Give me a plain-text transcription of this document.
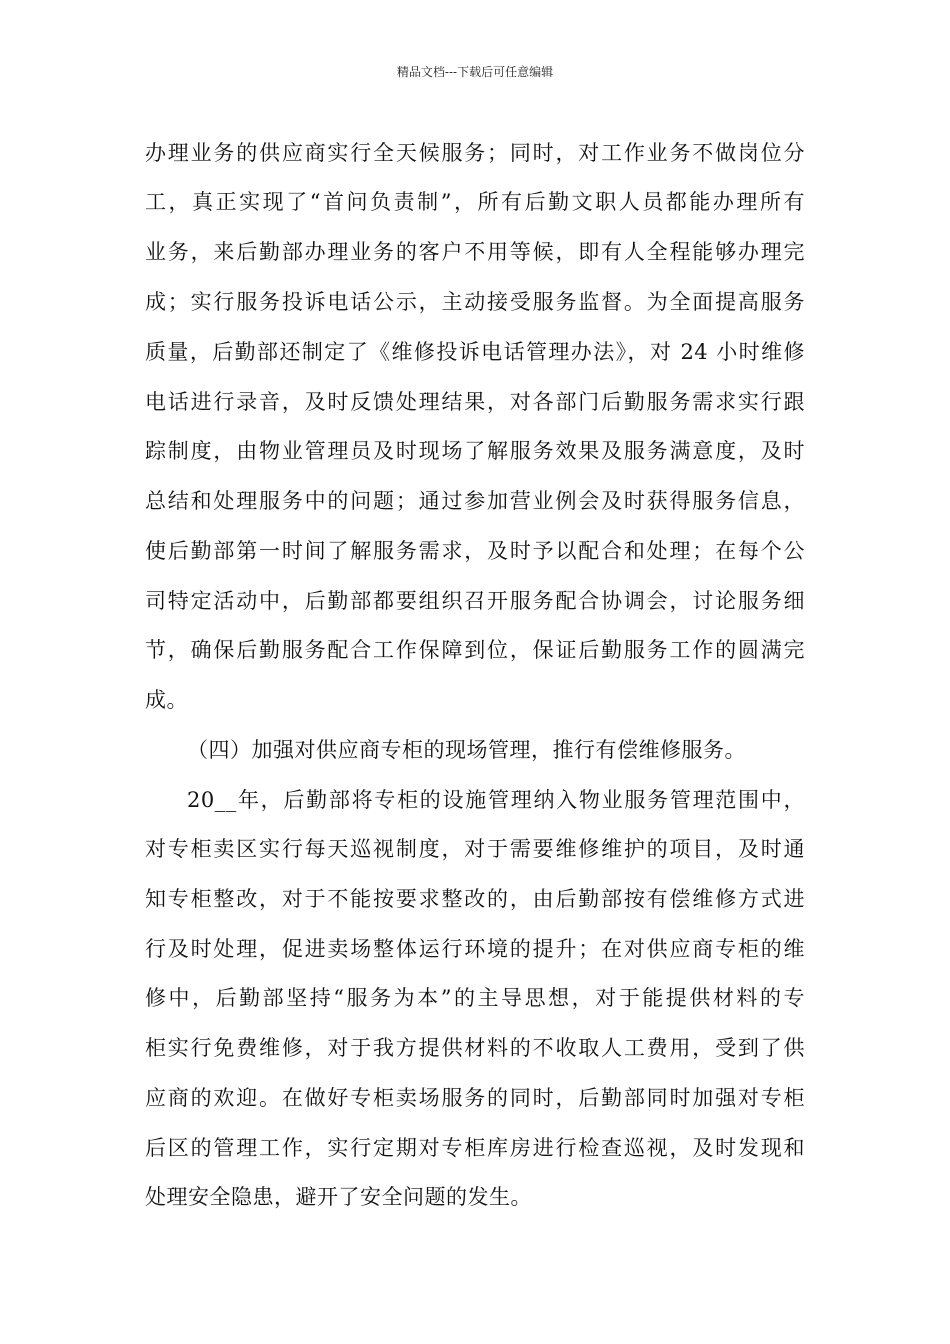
精品文档---下载后可任意编辑
办理业务的供应商实行全天候服务；同时，对工作业务不做岗位分
工，真正实现了“首问负责制”，所有后勤文职人员都能办理所有
业务，来后勤部办理业务的客户不用等候，即有人全程能够办理完
成；实行服务投诉电话公示，主动接受服务监督。为全面提高服务
质量，后勤部还制定了《维修投诉电话管理办法》，对 24 小时维修
电话进行录音，及时反馈处理结果，对各部门后勤服务需求实行跟
踪制度，由物业管理员及时现场了解服务效果及服务满意度，及时
总结和处理服务中的问题；通过参加营业例会及时获得服务信息，
使后勤部第一时间了解服务需求，及时予以配合和处理；在每个公
司特定活动中，后勤部都要组织召开服务配合协调会，讨论服务细
节，确保后勤服务配合工作保障到位，保证后勤服务工作的圆满完
成。
（四）加强对供应商专柜的现场管理，推行有偿维修服务。
20__年，后勤部将专柜的设施管理纳入物业服务管理范围中，
对专柜卖区实行每天巡视制度，对于需要维修维护的项目，及时通
知专柜整改，对于不能按要求整改的，由后勤部按有偿维修方式进
行及时处理，促进卖场整体运行环境的提升；在对供应商专柜的维
修中，后勤部坚持“服务为本”的主导思想，对于能提供材料的专
柜实行免费维修，对于我方提供材料的不收取人工费用，受到了供
应商的欢迎。在做好专柜卖场服务的同时，后勤部同时加强对专柜
后区的管理工作，实行定期对专柜库房进行检查巡视，及时发现和
处理安全隐患，避开了安全问题的发生。
